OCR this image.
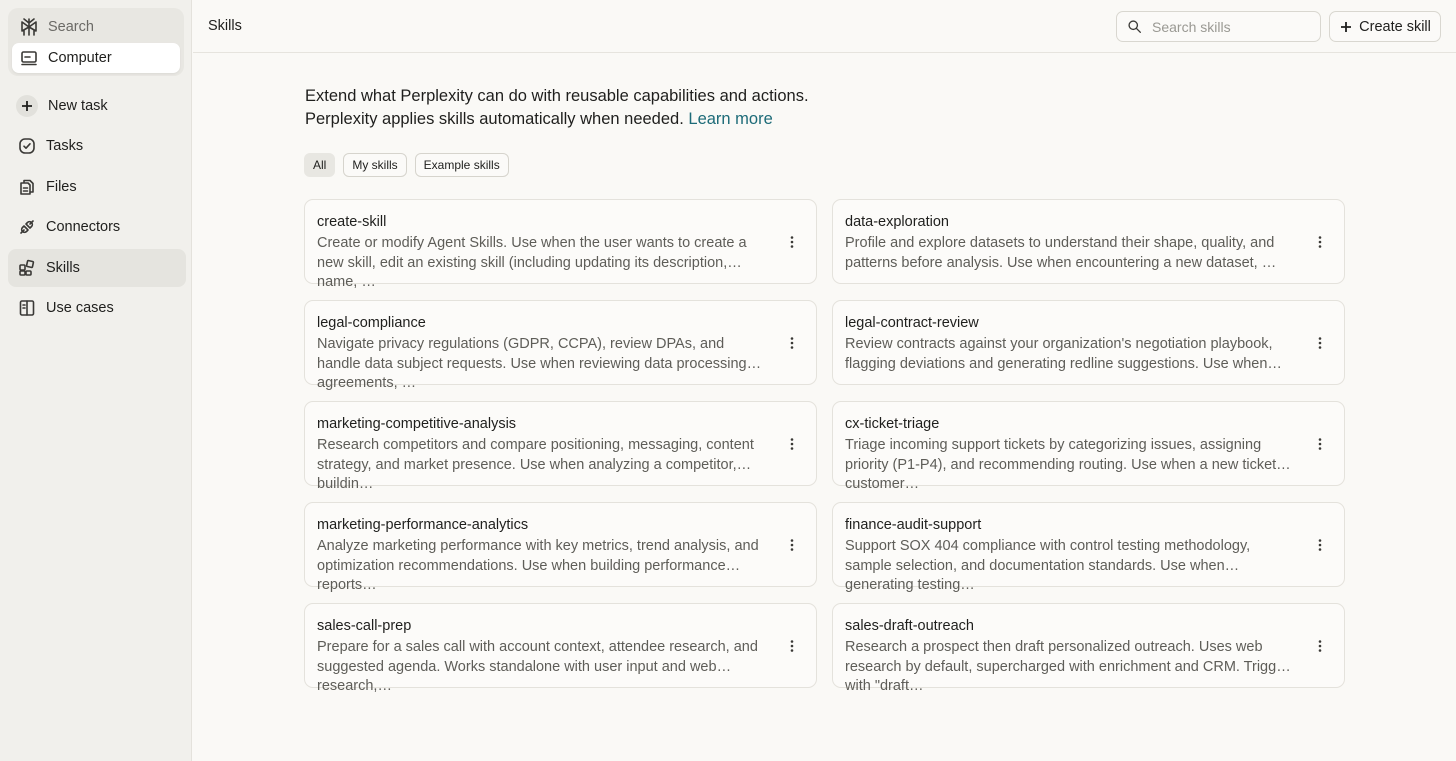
Search
Computer
New task
Tasks
Files
Connectors
Skills
Use cases
Skills
Search skills	Create skill
Extend what Perplexity can do with reusable capabilities and actions.
Perplexity applies skills automatically when needed. Learn more
All	My skills	Example skills
create-skill
Create or modify Agent Skills. Use when the user wants to create a new skill, edit an existing skill (including updating its description, name, …
data-exploration
Profile and explore datasets to understand their shape, quality, and patterns before analysis. Use when encountering a new dataset, …
legal-compliance
Navigate privacy regulations (GDPR, CCPA), review DPAs, and handle data subject requests. Use when reviewing data processing agreements, …
legal-contract-review
Review contracts against your organization's negotiation playbook, flagging deviations and generating redline suggestions. Use when…
marketing-competitive-analysis
Research competitors and compare positioning, messaging, content strategy, and market presence. Use when analyzing a competitor, buildin…
cx-ticket-triage
Triage incoming support tickets by categorizing issues, assigning priority (P1-P4), and recommending routing. Use when a new ticket or customer…
marketing-performance-analytics
Analyze marketing performance with key metrics, trend analysis, and optimization recommendations. Use when building performance reports…
finance-audit-support
Support SOX 404 compliance with control testing methodology, sample selection, and documentation standards. Use when generating testing…
sales-call-prep
Prepare for a sales call with account context, attendee research, and suggested agenda. Works standalone with user input and web research,…
sales-draft-outreach
Research a prospect then draft personalized outreach. Uses web research by default, supercharged with enrichment and CRM. Trigger with "draft…
